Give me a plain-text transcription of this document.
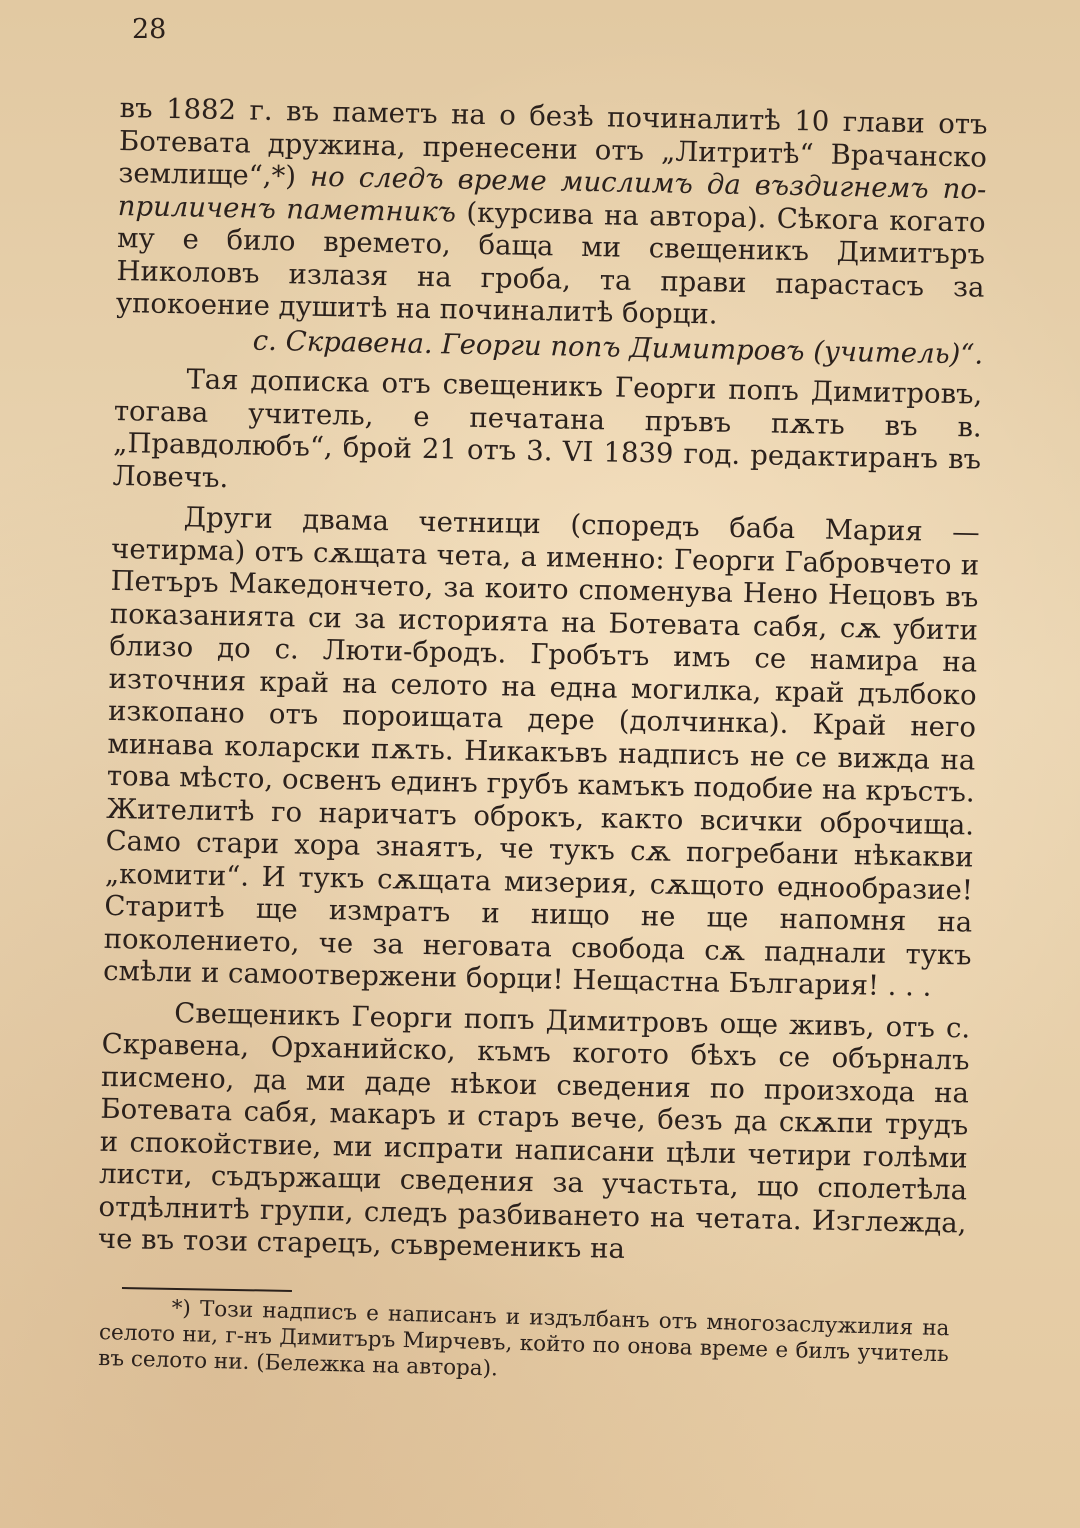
28

въ 1882 г. въ паметъ на о безѣ починалитѣ 10 глави отъ Ботевата дружина, пренесени отъ „Литритѣ“ Врачанско землище“,*) но следъ време мислимъ да въздигнемъ по-приличенъ паметникъ (курсива на автора). Сѣкога когато му е било времето, баща ми свещеникъ Димитъръ Николовъ излазя на гроба, та прави парастасъ за упокоение душитѣ на починалитѣ борци.

с. Скравена. Георги попъ Димитровъ (учитель)“.

Тая дописка отъ свещеникъ Георги попъ Димитровъ, тогава учитель, е печатана пръвъ пѫть въ в. „Правдолюбъ“, брой 21 отъ 3. VI 1839 год. редактиранъ въ Ловечъ.

Други двама четници (споредъ баба Мария — четирма) отъ сѫщата чета, а именно: Георги Габровчето и Петъръ Македончето, за които споменува Нено Нецовъ въ показанията си за историята на Ботевата сабя, сѫ убити близо до с. Люти-бродъ. Гробътъ имъ се намира на източния край на селото на една могилка, край дълбоко изкопано отъ пороищата дере (долчинка). Край него минава коларски пѫть. Никакъвъ надписъ не се вижда на това мѣсто, освенъ единъ грубъ камъкъ подобие на кръстъ. Жителитѣ го наричатъ оброкъ, както всички оброчища. Само стари хора знаятъ, че тукъ сѫ погребани нѣкакви „комити“. И тукъ сѫщата мизерия, сѫщото еднообразие! Старитѣ ще измратъ и нищо не ще напомня на поколението, че за неговата свобода сѫ паднали тукъ смѣли и самоотвержени борци! Нещастна България! . . .

Свещеникъ Георги попъ Димитровъ още живъ, отъ с. Скравена, Орханийско, къмъ когото бѣхъ се обърналъ писмено, да ми даде нѣкои сведения по произхода на Ботевата сабя, макаръ и старъ вече, безъ да скѫпи трудъ и спокойствие, ми испрати написани цѣли четири голѣми листи, съдържащи сведения за участьта, що сполетѣла отдѣлнитѣ групи, следъ разбиването на четата. Изглежда, че въ този старецъ, съвременикъ на

*) Този надписъ е написанъ и издълбанъ отъ многозаслужилия на селото ни, г-нъ Димитъръ Мирчевъ, който по онова време е билъ учитель въ селото ни. (Бележка на автора).
